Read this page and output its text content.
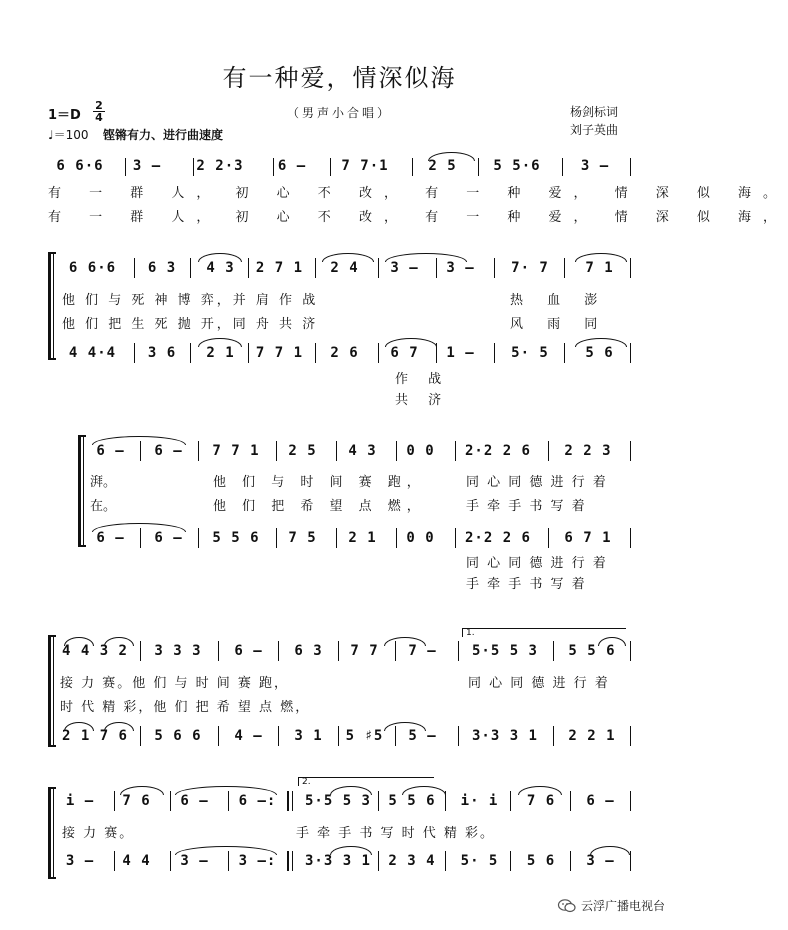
有一种爱，情深似海
（男声小合唱）	杨剑标词
刘子英曲
$1=D \frac{2}{4}$
♩＝100 铿锵有力、进行曲速度
6 6·6	3 –	2 2·3	6 –	7 7·1	2 5	5 5·6	3 –
有 一 群 人， 初 心 不 改， 有 一 种 爱， 情 深 似 海。
有 一 群 人， 初 心 不 改， 有 一 种 爱， 情 深 似 海，
6 6·6	6 3	4 3	2 7 1	2 4	3 –	3 –	7· 7	7 1
他 们 与 死 神 博 弈，并 肩 作 战	热 血 澎
他 们 把 生 死 抛 开，同 舟 共 济	风 雨 同
4 4·4	3 6	2 1	7 7 1	2 6	6 7	1 –	5· 5	5 6
作 战
共 济
6 –	6 –	7 7 1	2 5	4 3	0 0	2·2 2 6	2 2 3
湃。	他 们 与 时 间 赛 跑，	同 心 同 德 进 行 着
在。	他 们 把 希 望 点 燃，	手 牵 手 书 写 着
6 –	6 –	5 5 6	7 5	2 1	0 0	2·2 2 6	6 7 1
同 心 同 德 进 行 着
手 牵 手 书 写 着
1.
4 4 3 2	3 3 3	6 –	6 3	7 7	7 –	5·5 5 3	5 5 6
接 力 赛。他 们 与 时 间 赛 跑，	同 心 同 德 进 行 着
时 代 精 彩，他 们 把 希 望 点 燃，
2 1 7 6	5 6 6	4 –	3 1	5 ♯5	5 –	3·3 3 1	2 2 1
2.
i –	7 6	6 –	6 –:	5·5 5 3	5 5 6	i· i	7 6	6 –
接 力 赛。	手 牵 手 书 写 时 代 精 彩。
3 –	4 4	3 –	3 –:	3·3 3 1	2 3 4	5· 5	5 6	3 –
云浮广播电视台
